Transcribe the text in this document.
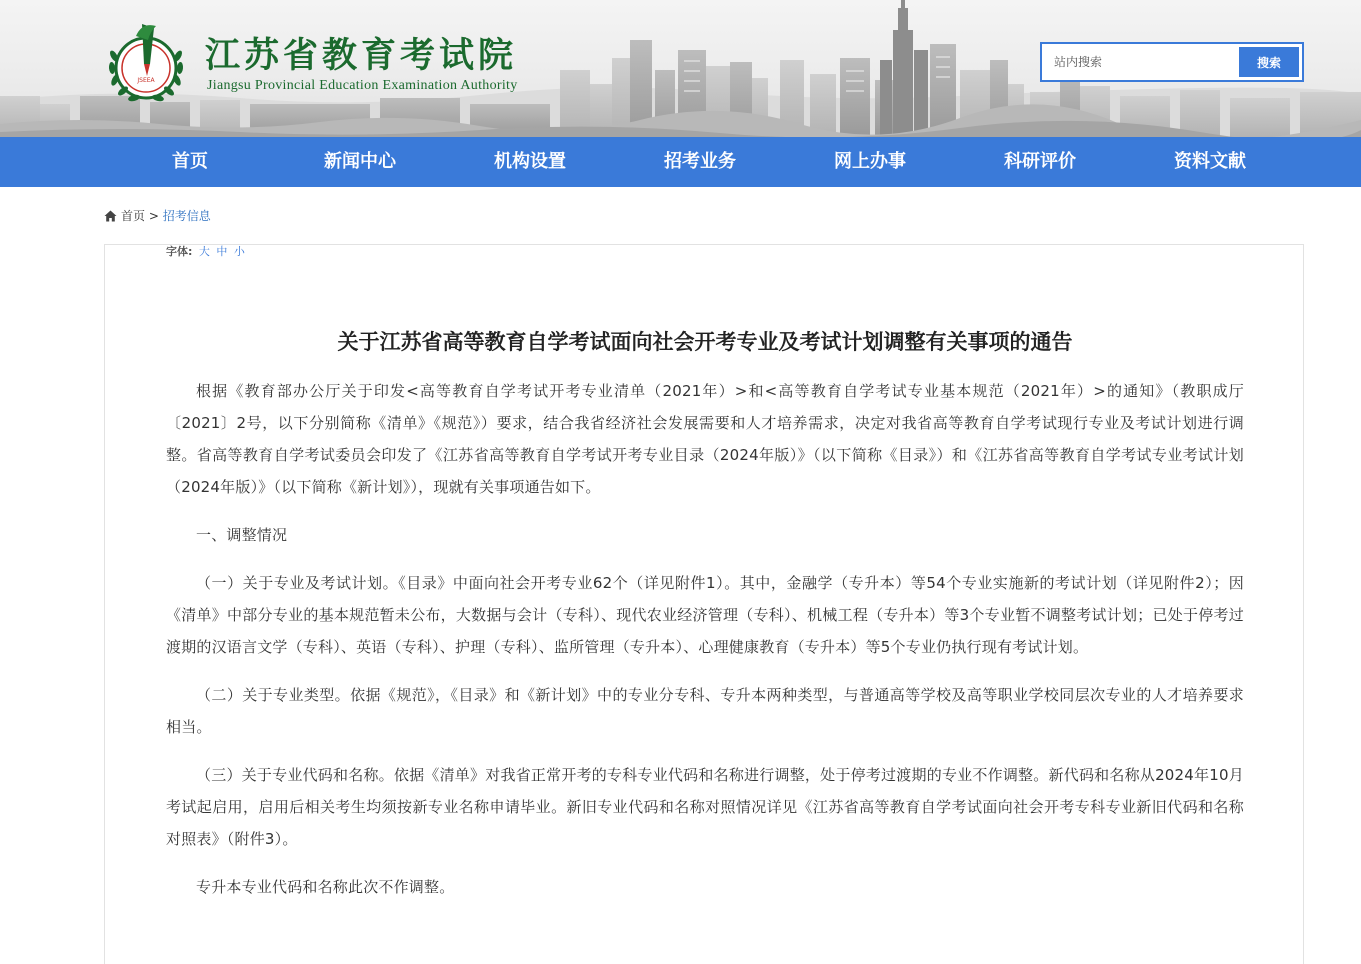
JSEEA
江苏省教育考试院
Jiangsu Provincial Education Examination Authority
站内搜索
搜索
首页	新闻中心	机构设置	招考业务	网上办事	科研评价	资料文献
首页 > 招考信息
字体: 大 中 小
关于江苏省高等教育自学考试面向社会开考专业及考试计划调整有关事项的通告

根据《教育部办公厅关于印发<高等教育自学考试开考专业清单（2021年）>和<高等教育自学考试专业基本规范（2021年）>的通知》（教职成厅〔2021〕2号，以下分别简称《清单》《规范》）要求，结合我省经济社会发展需要和人才培养需求，决定对我省高等教育自学考试现行专业及考试计划进行调整。省高等教育自学考试委员会印发了《江苏省高等教育自学考试开考专业目录（2024年版）》（以下简称《目录》）和《江苏省高等教育自学考试专业考试计划（2024年版）》（以下简称《新计划》），现就有关事项通告如下。

一、调整情况

（一）关于专业及考试计划。《目录》中面向社会开考专业62个（详见附件1）。其中，金融学（专升本）等54个专业实施新的考试计划（详见附件2）；因《清单》中部分专业的基本规范暂未公布，大数据与会计（专科）、现代农业经济管理（专科）、机械工程（专升本）等3个专业暂不调整考试计划；已处于停考过渡期的汉语言文学（专科）、英语（专科）、护理（专科）、监所管理（专升本）、心理健康教育（专升本）等5个专业仍执行现有考试计划。

（二）关于专业类型。依据《规范》，《目录》和《新计划》中的专业分专科、专升本两种类型，与普通高等学校及高等职业学校同层次专业的人才培养要求相当。

（三）关于专业代码和名称。依据《清单》对我省正常开考的专科专业代码和名称进行调整，处于停考过渡期的专业不作调整。新代码和名称从2024年10月考试起启用，启用后相关考生均须按新专业名称申请毕业。新旧专业代码和名称对照情况详见《江苏省高等教育自学考试面向社会开考专科专业新旧代码和名称对照表》（附件3）。

专升本专业代码和名称此次不作调整。
